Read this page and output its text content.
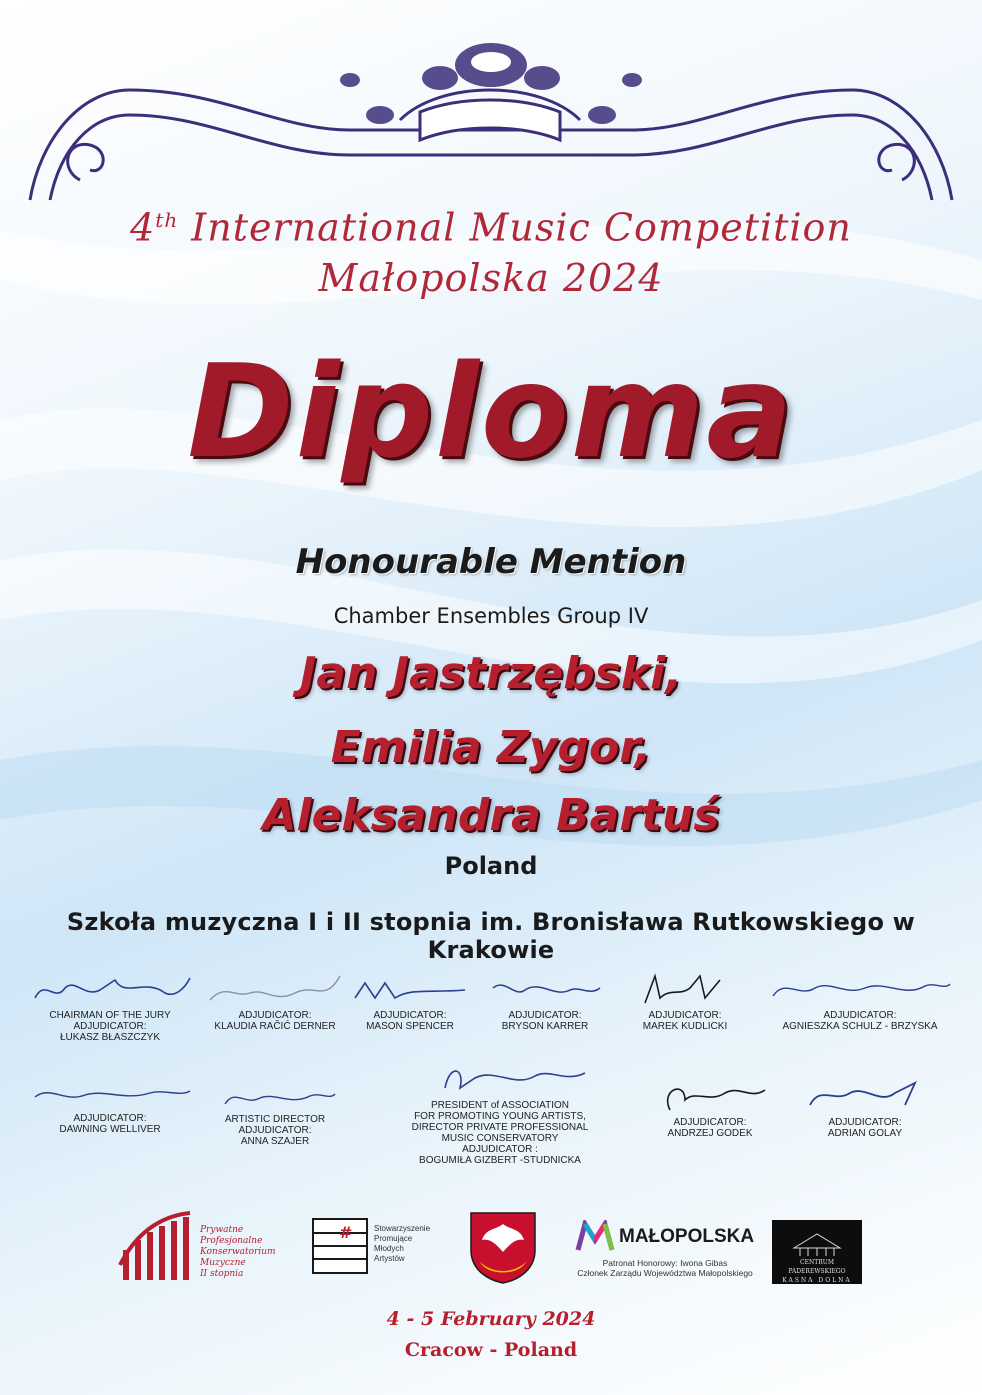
4th International Music Competition
Małopolska 2024
Diploma
Honourable Mention
Chamber Ensembles Group IV
Jan Jastrzębski,
Emilia Zygor,
Aleksandra Bartuś
Poland
Szkoła muzyczna I i II stopnia im. Bronisława Rutkowskiego w Krakowie
CHAIRMAN OF THE JURY
ADJUDICATOR:
ŁUKASZ BŁASZCZYK
ADJUDICATOR:
KLAUDIA RAČIĆ DERNER
ADJUDICATOR:
MASON SPENCER
ADJUDICATOR:
BRYSON KARRER
ADJUDICATOR:
MAREK KUDLICKI
ADJUDICATOR:
AGNIESZKA SCHULZ - BRZYSKA
ADJUDICATOR:
DAWNING WELLIVER
ARTISTIC DIRECTOR
ADJUDICATOR:
ANNA SZAJER
PRESIDENT of ASSOCIATION
FOR PROMOTING YOUNG ARTISTS,
DIRECTOR PRIVATE PROFESSIONAL
MUSIC CONSERVATORY
ADJUDICATOR :
BOGUMIŁA GIZBERT -STUDNICKA
ADJUDICATOR:
ANDRZEJ GODEK
ADJUDICATOR:
ADRIAN GOLAY
Prywatne Profesjonalne
Konserwatorium Muzyczne
II stopnia
#	Stowarzyszenie
Promujące
Młodych
Artystów
MAŁOPOLSKA
Patronat Honorowy: Iwona Gibas
Członek Zarządu Województwa Małopolskiego
CENTRUM PADEREWSKIEGO
KASNA DOLNA
4 - 5 February 2024
Cracow - Poland
